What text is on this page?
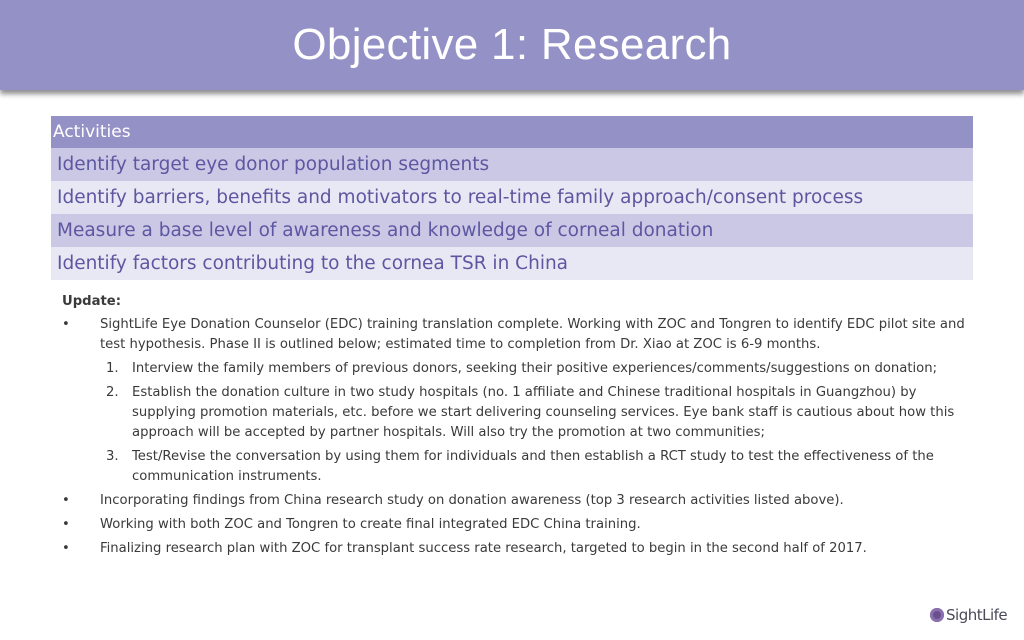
Objective 1: Research
Activities
Identify target eye donor population segments
Identify barriers, benefits and motivators to real-time family approach/consent process
Measure a base level of awareness and knowledge of corneal donation
Identify factors contributing to the cornea TSR in China
Update:
• SightLife Eye Donation Counselor (EDC) training translation complete. Working with ZOC and Tongren to identify EDC pilot site and test hypothesis. Phase II is outlined below; estimated time to completion from Dr. Xiao at ZOC is 6-9 months.
1. Interview the family members of previous donors, seeking their positive experiences/comments/suggestions on donation;
2. Establish the donation culture in two study hospitals (no. 1 affiliate and Chinese traditional hospitals in Guangzhou) by supplying promotion materials, etc. before we start delivering counseling services. Eye bank staff is cautious about how this approach will be accepted by partner hospitals. Will also try the promotion at two communities;
3. Test/Revise the conversation by using them for individuals and then establish a RCT study to test the effectiveness of the communication instruments.
• Incorporating findings from China research study on donation awareness (top 3 research activities listed above).
• Working with both ZOC and Tongren to create final integrated EDC China training.
• Finalizing research plan with ZOC for transplant success rate research, targeted to begin in the second half of 2017.
SightLife
